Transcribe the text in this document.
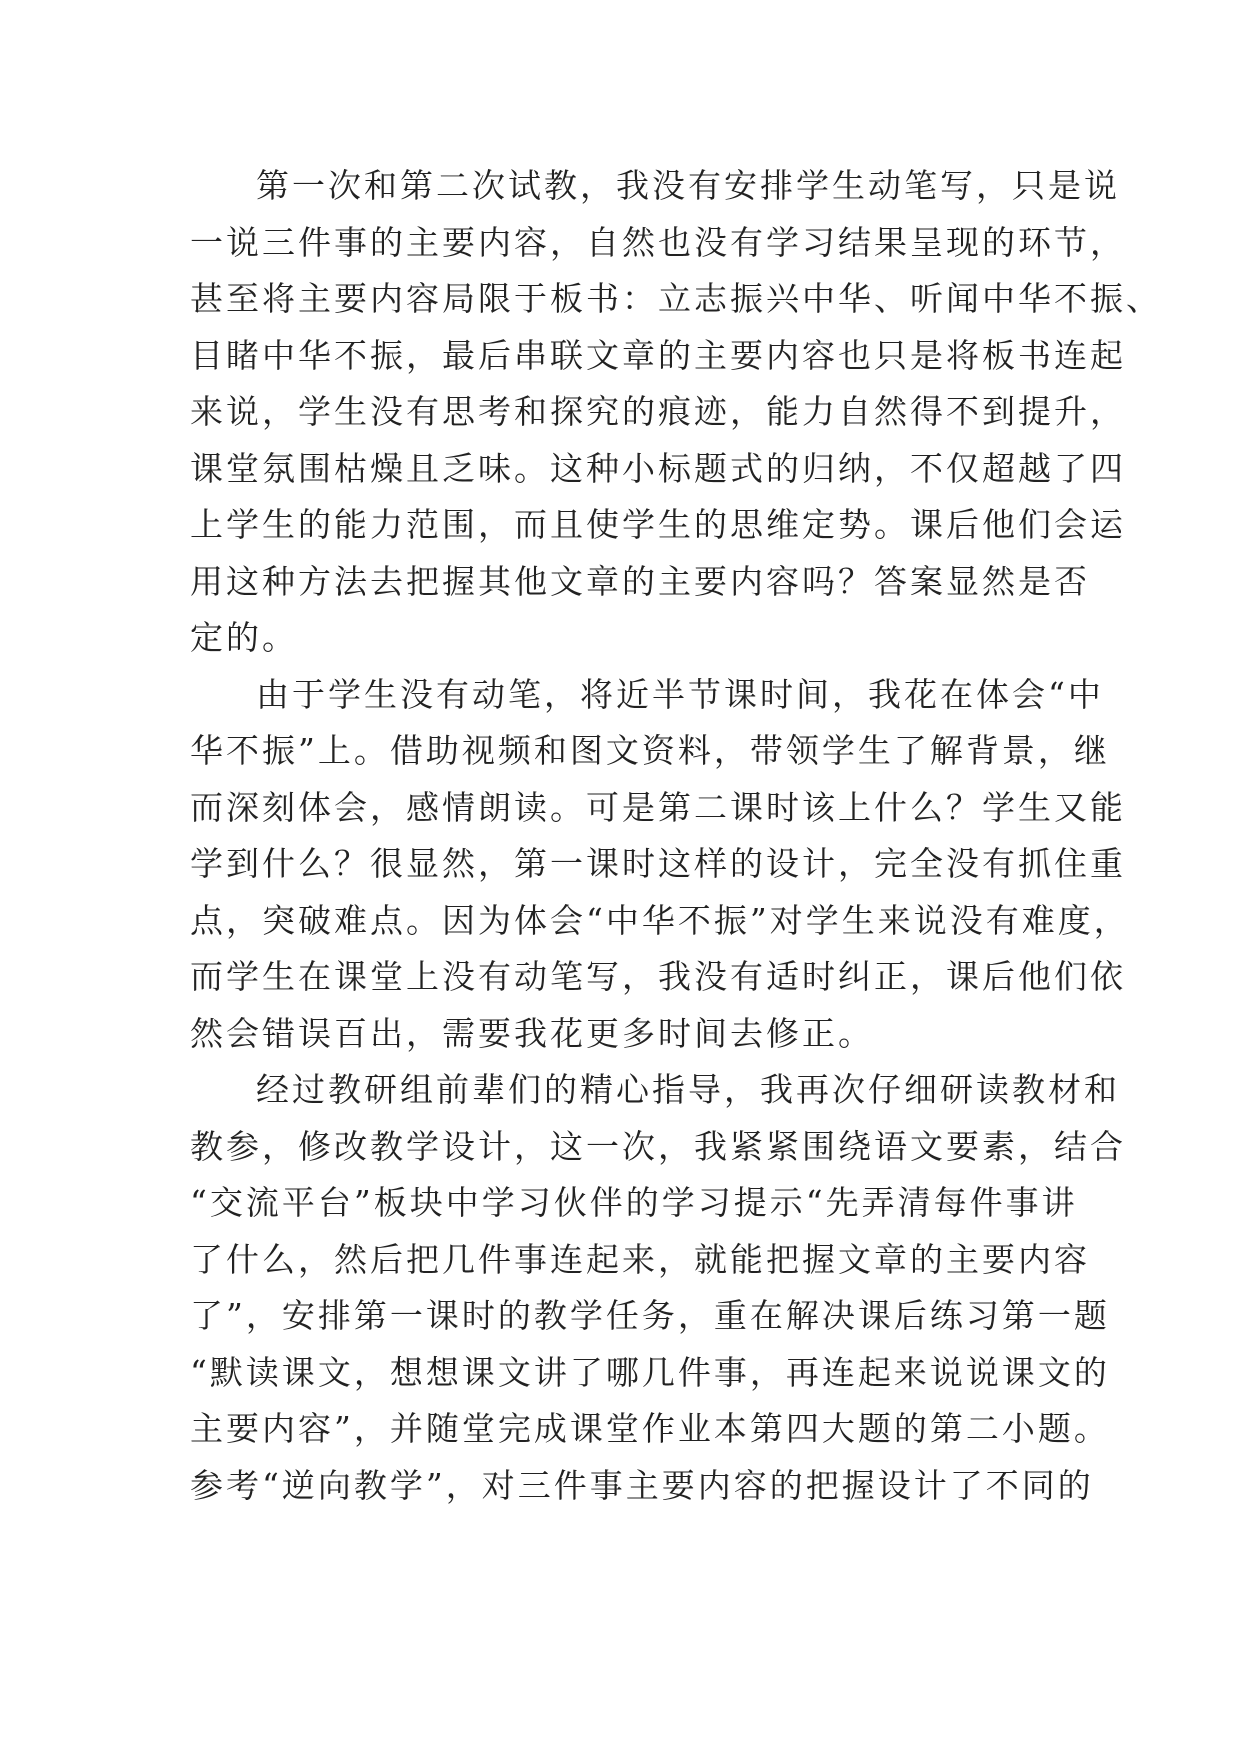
第一次和第二次试教，我没有安排学生动笔写，只是说
一说三件事的主要内容，自然也没有学习结果呈现的环节，
甚至将主要内容局限于板书：立志振兴中华、听闻中华不振、
目睹中华不振，最后串联文章的主要内容也只是将板书连起
来说，学生没有思考和探究的痕迹，能力自然得不到提升，
课堂氛围枯燥且乏味。这种小标题式的归纳，不仅超越了四
上学生的能力范围，而且使学生的思维定势。课后他们会运
用这种方法去把握其他文章的主要内容吗？答案显然是否
定的。
由于学生没有动笔，将近半节课时间，我花在体会“中
华不振”上。借助视频和图文资料，带领学生了解背景，继
而深刻体会，感情朗读。可是第二课时该上什么？学生又能
学到什么？很显然，第一课时这样的设计，完全没有抓住重
点，突破难点。因为体会“中华不振”对学生来说没有难度，
而学生在课堂上没有动笔写，我没有适时纠正，课后他们依
然会错误百出，需要我花更多时间去修正。
经过教研组前辈们的精心指导，我再次仔细研读教材和
教参，修改教学设计，这一次，我紧紧围绕语文要素，结合
“交流平台”板块中学习伙伴的学习提示“先弄清每件事讲
了什么，然后把几件事连起来，就能把握文章的主要内容
了”，安排第一课时的教学任务，重在解决课后练习第一题
“默读课文，想想课文讲了哪几件事，再连起来说说课文的
主要内容”，并随堂完成课堂作业本第四大题的第二小题。
参考“逆向教学”，对三件事主要内容的把握设计了不同的
